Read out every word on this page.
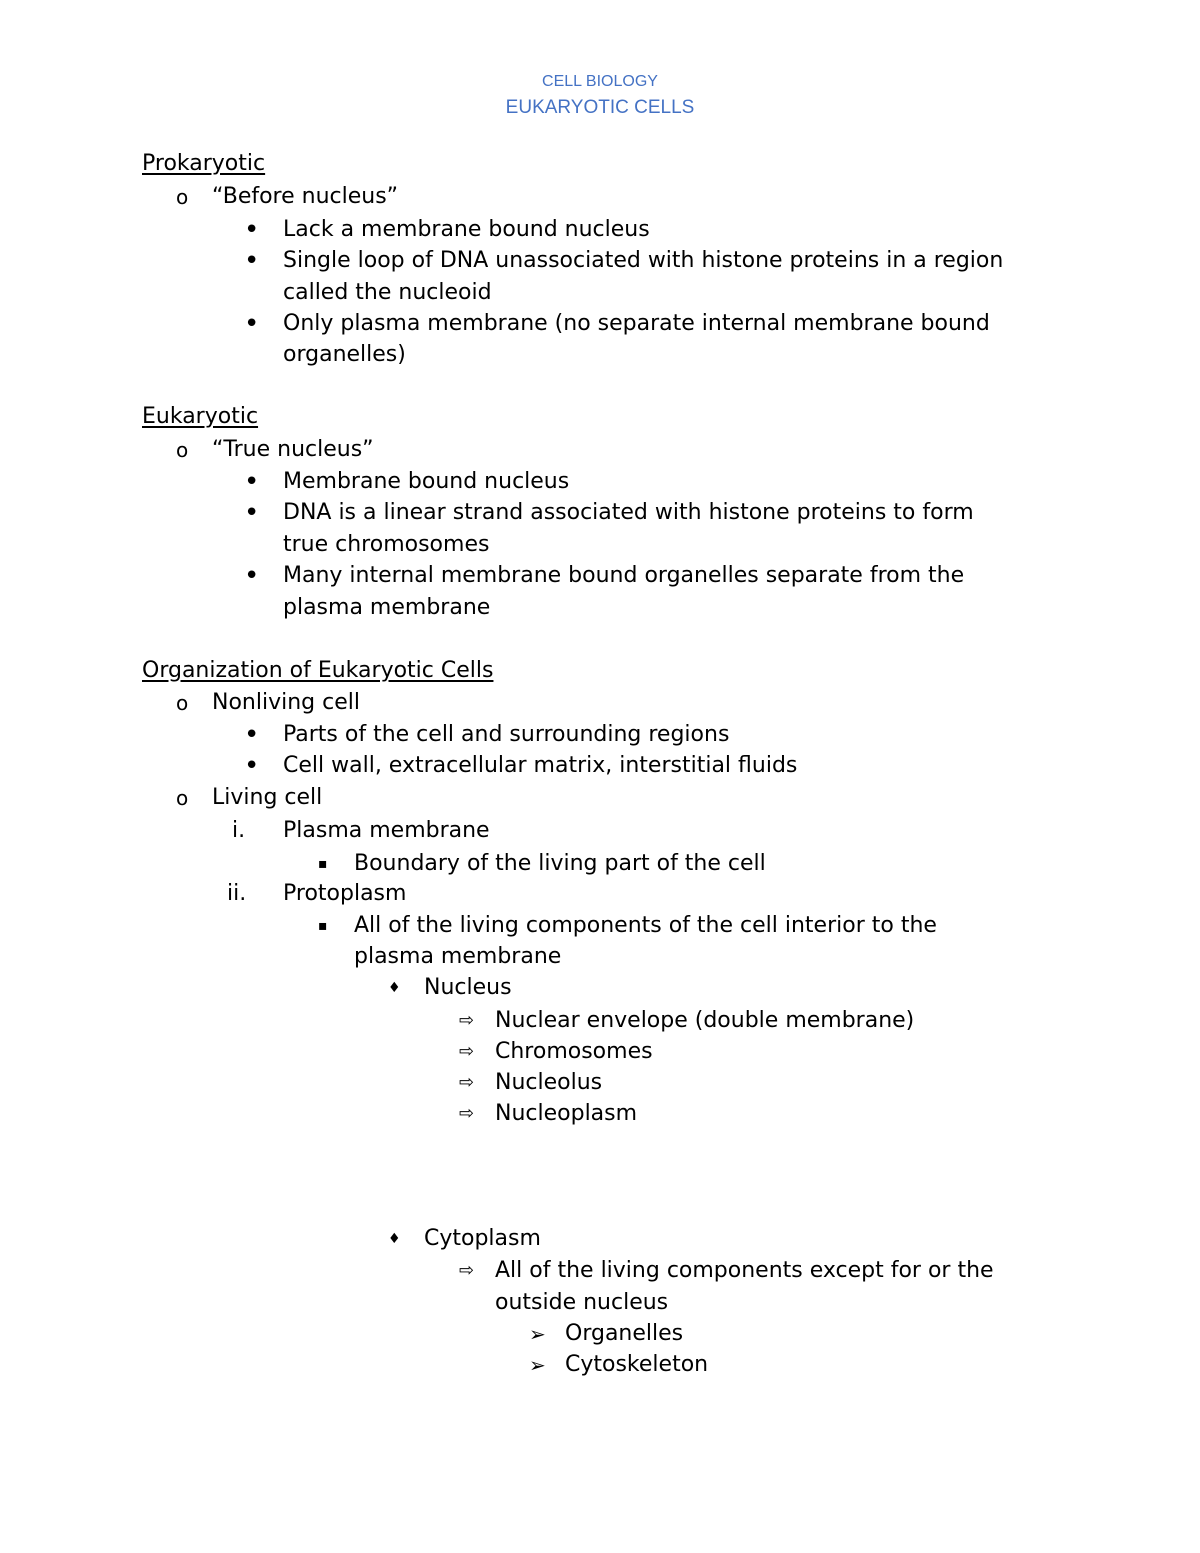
CELL BIOLOGY
EUKARYOTIC CELLS
Prokaryotic
o “Before nucleus”
• Lack a membrane bound nucleus
• Single loop of DNA unassociated with histone proteins in a region
called the nucleoid
• Only plasma membrane (no separate internal membrane bound
organelles)
Eukaryotic
o “True nucleus”
• Membrane bound nucleus
• DNA is a linear strand associated with histone proteins to form
true chromosomes
• Many internal membrane bound organelles separate from the
plasma membrane
Organization of Eukaryotic Cells
o Nonliving cell
• Parts of the cell and surrounding regions
• Cell wall, extracellular matrix, interstitial fluids
o Living cell
i. Plasma membrane
▪ Boundary of the living part of the cell
ii. Protoplasm
▪ All of the living components of the cell interior to the
plasma membrane
♦ Nucleus
⇨ Nuclear envelope (double membrane)
⇨ Chromosomes
⇨ Nucleolus
⇨ Nucleoplasm
♦ Cytoplasm
⇨ All of the living components except for or the
outside nucleus
➢ Organelles
➢ Cytoskeleton
